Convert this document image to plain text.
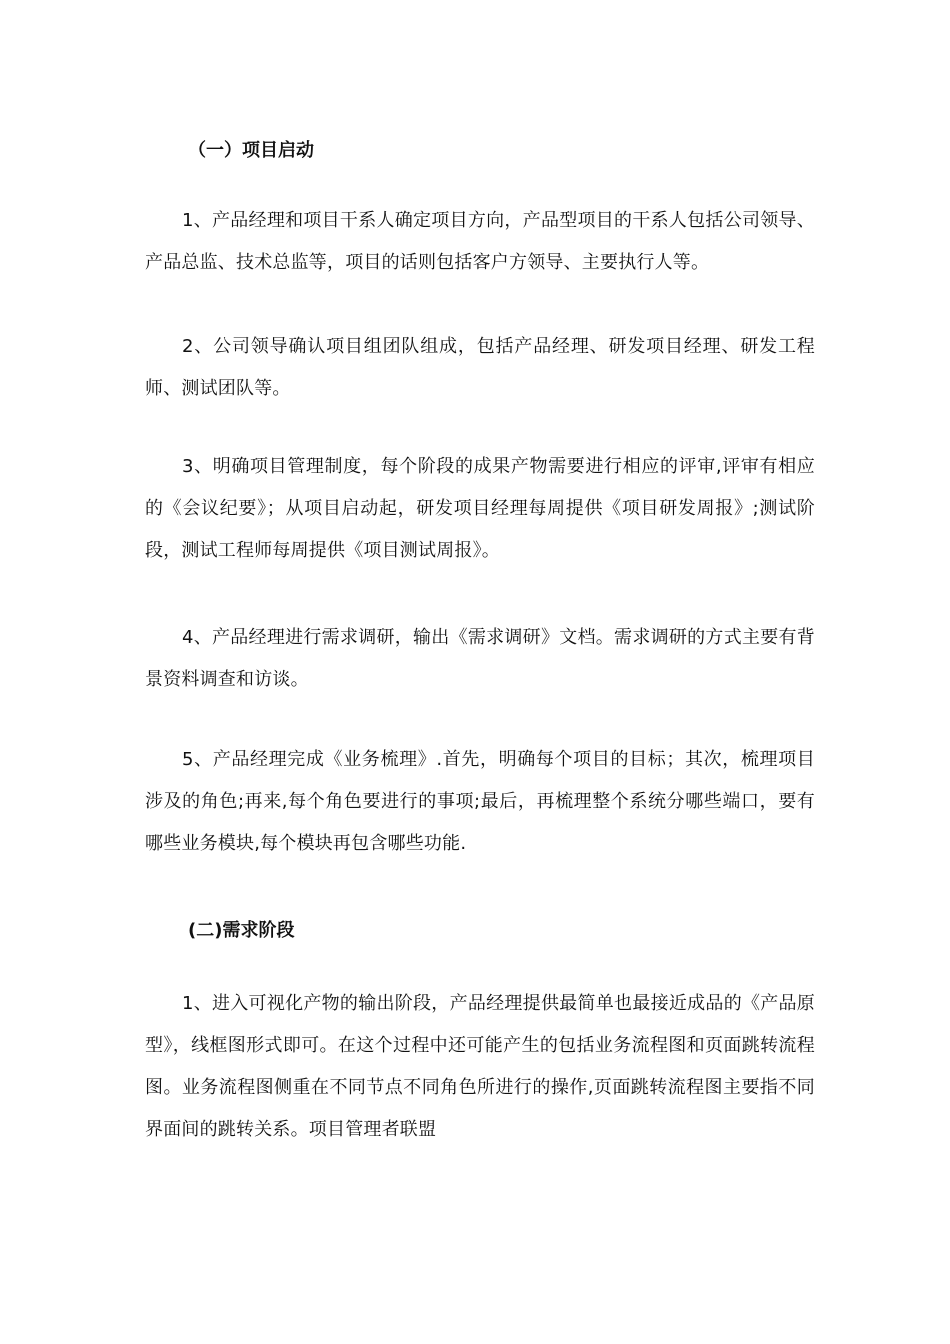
（一）项目启动

1、产品经理和项目干系人确定项目方向，产品型项目的干系人包括公司领导、产品总监、技术总监等，项目的话则包括客户方领导、主要执行人等。

2、公司领导确认项目组团队组成，包括产品经理、研发项目经理、研发工程师、测试团队等。

3、明确项目管理制度，每个阶段的成果产物需要进行相应的评审,评审有相应的《会议纪要》；从项目启动起，研发项目经理每周提供《项目研发周报》;测试阶段，测试工程师每周提供《项目测试周报》。

4、产品经理进行需求调研，输出《需求调研》文档。需求调研的方式主要有背景资料调查和访谈。

5、产品经理完成《业务梳理》.首先，明确每个项目的目标；其次，梳理项目涉及的角色;再来,每个角色要进行的事项;最后，再梳理整个系统分哪些端口，要有哪些业务模块,每个模块再包含哪些功能.

(二)需求阶段

1、进入可视化产物的输出阶段，产品经理提供最简单也最接近成品的《产品原型》，线框图形式即可。在这个过程中还可能产生的包括业务流程图和页面跳转流程图。业务流程图侧重在不同节点不同角色所进行的操作,页面跳转流程图主要指不同界面间的跳转关系。项目管理者联盟
